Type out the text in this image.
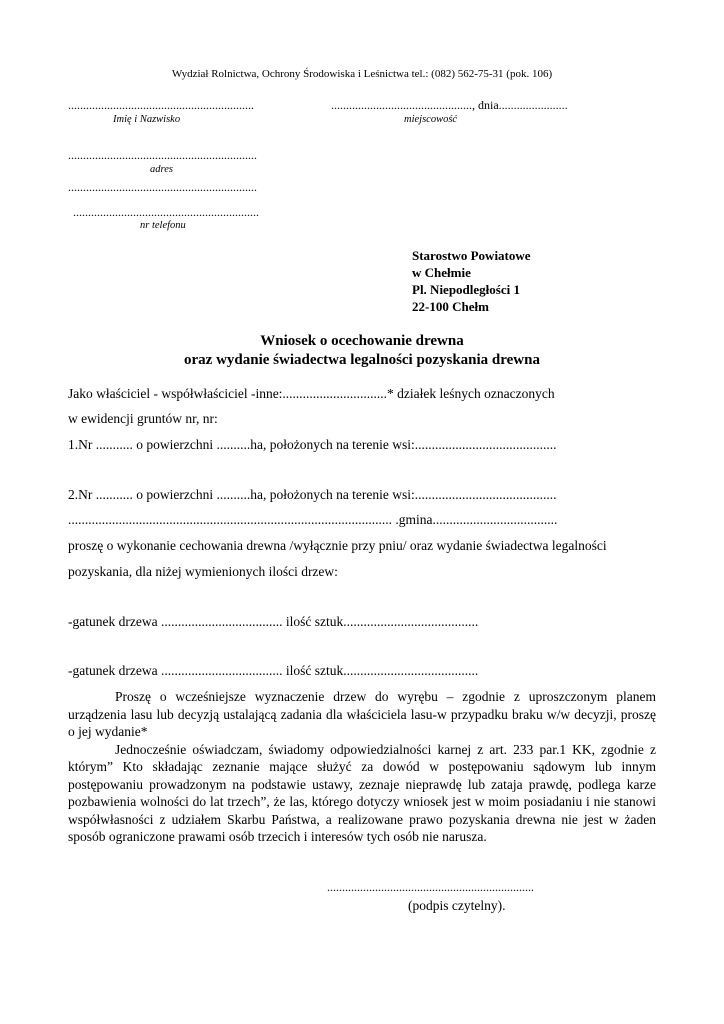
Wydział Rolnictwa, Ochrony Środowiska i Leśnictwa tel.: (082) 562-75-31 (pok. 106)
..............................................................
Imię i Nazwisko
..............................................., dnia.......................
miejscowość
...............................................................
adres
...............................................................
..............................................................
nr telefonu
Starostwo Powiatowe
w Chełmie
Pl. Niepodległości 1
22-100 Chełm
Wniosek o ocechowanie drewna
oraz wydanie świadectwa legalności pozyskania drewna
Jako właściciel - współwłaściciel -inne:...............................* działek leśnych oznaczonych
w ewidencji gruntów nr, nr:
1.Nr ........... o powierzchni ..........ha, położonych na terenie wsi:..........................................
2.Nr ........... o powierzchni ..........ha, położonych na terenie wsi:..........................................
................................................................................................ .gmina.....................................
proszę o wykonanie cechowania drewna /wyłącznie przy pniu/ oraz wydanie świadectwa legalności
pozyskania, dla niżej wymienionych ilości drzew:
-gatunek drzewa .................................... ilość sztuk........................................
-gatunek drzewa .................................... ilość sztuk........................................

Proszę o wcześniejsze wyznaczenie drzew do wyrębu – zgodnie z uproszczonym planem urządzenia lasu lub decyzją ustalającą zadania dla właściciela lasu-w przypadku braku w/w decyzji, proszę o jej wydanie*

Jednocześnie oświadczam, świadomy odpowiedzialności karnej z art. 233 par.1 KK, zgodnie z którym” Kto składając zeznanie mające służyć za dowód w postępowaniu sądowym lub innym postępowaniu prowadzonym na podstawie ustawy, zeznaje nieprawdę lub zataja prawdę, podlega karze pozbawienia wolności do lat trzech”, że las, którego dotyczy wniosek jest w moim posiadaniu i nie stanowi współwłasności z udziałem Skarbu Państwa, a realizowane prawo pozyskania drewna nie jest w żaden sposób ograniczone prawami osób trzecich i interesów tych osób nie narusza.

.....................................................................
(podpis czytelny).
